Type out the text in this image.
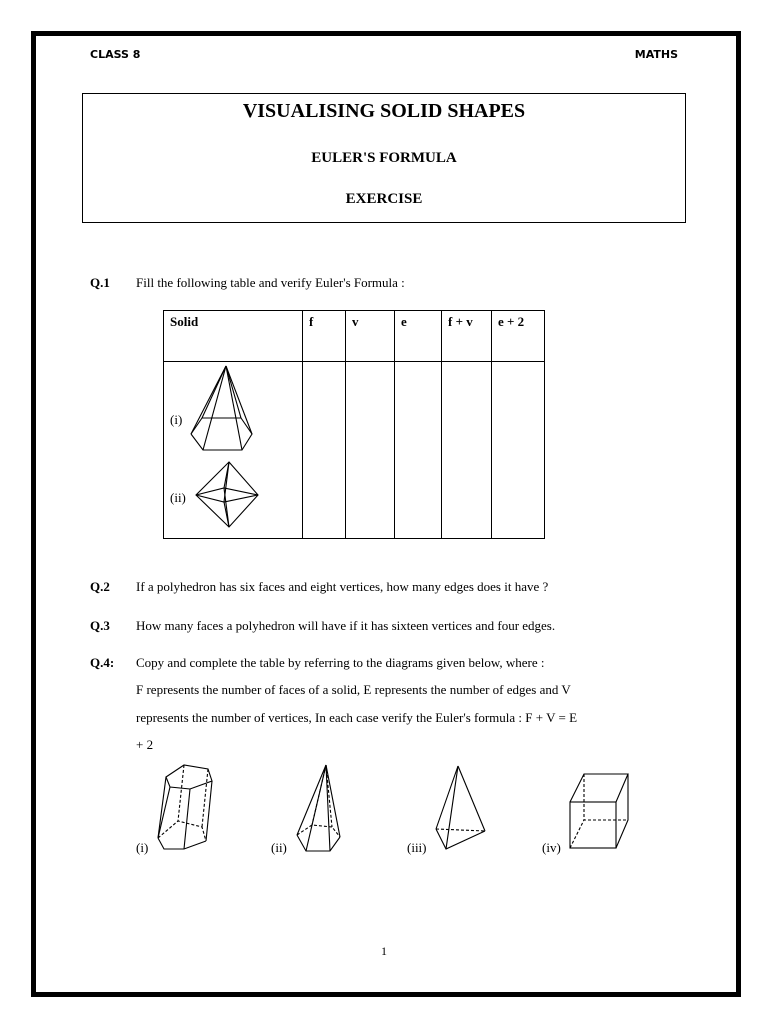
CLASS 8	MATHS
VISUALISING SOLID SHAPES
EULER'S FORMULA
EXERCISE
Q.1 Fill the following table and verify Euler's Formula :
Solid	f	v	e	f + v	e + 2

(i)
(ii)					

Q.2 If a polyhedron has six faces and eight vertices, how many edges does it have ?
Q.3 How many faces a polyhedron will have if it has sixteen vertices and four edges.
Q.4: Copy and complete the table by referring to the diagrams given below, where :
F represents the number of faces of a solid, E represents the number of edges and V
represents the number of vertices, In each case verify the Euler's formula : F + V = E
+ 2
(i)	(ii)	(iii)	(iv)
1
